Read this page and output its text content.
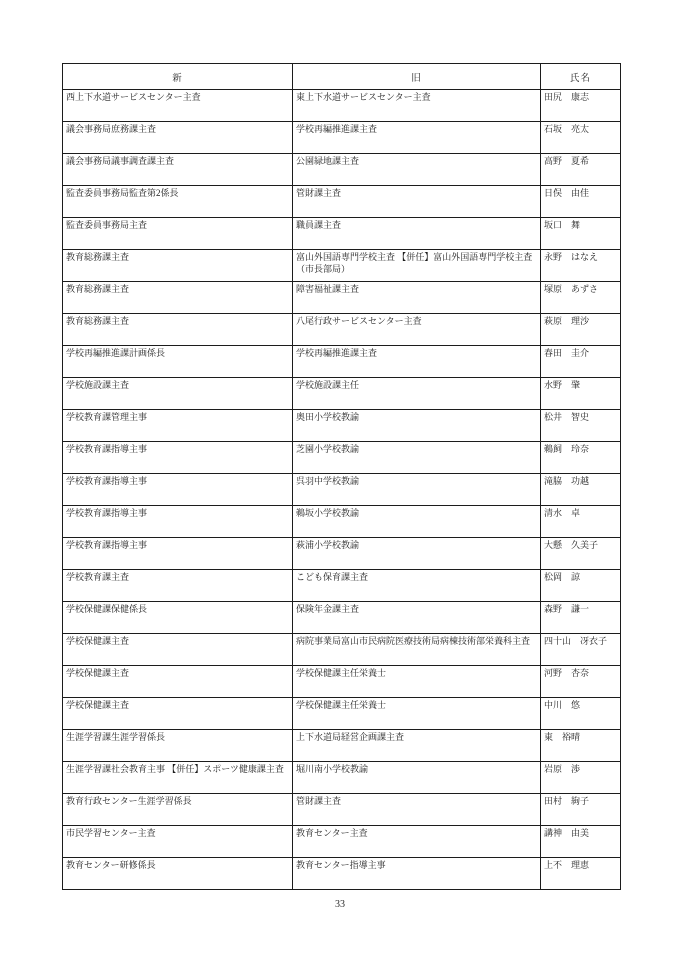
新	旧	氏名
西上下水道サービスセンター主査	東上下水道サービスセンター主査	田尻　康志
議会事務局庶務課主査	学校再編推進課主査	石坂　亮太
議会事務局議事調査課主査	公園緑地課主査	高野　夏希
監査委員事務局監査第2係長	管財課主査	日俣　由佳
監査委員事務局主査	職員課主査	坂口　舞
教育総務課主査	富山外国語専門学校主査 【併任】富山外国語専門学校主査（市長部局）	永野　はなえ
教育総務課主査	障害福祉課主査	塚原　あずさ
教育総務課主査	八尾行政サービスセンター主査	萩原　理沙
学校再編推進課計画係長	学校再編推進課主査	春田　圭介
学校施設課主査	学校施設課主任	水野　肇
学校教育課管理主事	奥田小学校教諭	松井　智史
学校教育課指導主事	芝園小学校教諭	鵜飼　玲奈
学校教育課指導主事	呉羽中学校教諭	滝脇　功越
学校教育課指導主事	鵜坂小学校教諭	清水　卓
学校教育課指導主事	萩浦小学校教諭	大懸　久美子
学校教育課主査	こども保育課主査	松岡　諒
学校保健課保健係長	保険年金課主査	森野　謙一
学校保健課主査	病院事業局富山市民病院医療技術局病棟技術部栄養科主査	四十山　冴衣子
学校保健課主査	学校保健課主任栄養士	河野　杏奈
学校保健課主査	学校保健課主任栄養士	中川　悠
生涯学習課生涯学習係長	上下水道局経営企画課主査	東　裕晴
生涯学習課社会教育主事 【併任】スポーツ健康課主査	堀川南小学校教諭	岩原　渉
教育行政センター生涯学習係長	管財課主査	田村　絢子
市民学習センター主査	教育センター主査	講神　由美
教育センター研修係長	教育センター指導主事	上不　理恵
33
